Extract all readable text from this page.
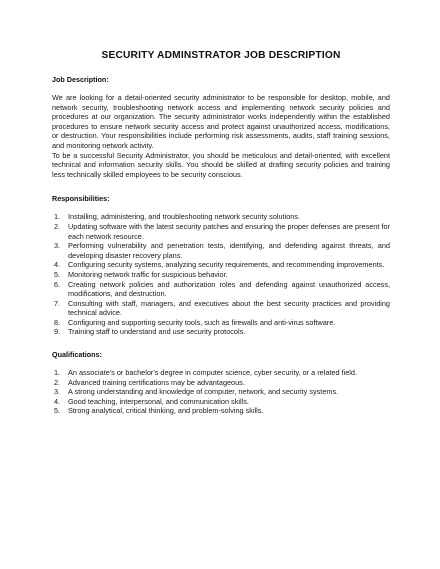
SECURITY ADMINSTRATOR JOB DESCRIPTION
Job Description:

We are looking for a detail-oriented security administrator to be responsible for desktop, mobile, and network security, troubleshooting network access and implementing network security policies and procedures at our organization. The security administrator works independently within the established procedures to ensure network security access and protect against unauthorized access, modifications, or destruction. Your responsibilities include performing risk assessments, audits, staff training sessions, and monitoring network activity.

To be a successful Security Administrator, you should be meticulous and detail-oriented, with excellent technical and information security skills. You should be skilled at drafting security policies and training less technically skilled employees to be security conscious.

Responsibilities:
1.	Installing, administering, and troubleshooting network security solutions.
2.	Updating software with the latest security patches and ensuring the proper defenses are present for each network resource.
3.	Performing vulnerability and penetration tests, identifying, and defending against threats, and developing disaster recovery plans.
4.	Configuring security systems, analyzing security requirements, and recommending improvements.
5.	Monitoring network traffic for suspicious behavior.
6.	Creating network policies and authorization roles and defending against unauthorized access, modifications, and destruction.
7.	Consulting with staff, managers, and executives about the best security practices and providing technical advice.
8.	Configuring and supporting security tools, such as firewalls and anti-virus software.
9.	Training staff to understand and use security protocols.
Qualifications:
1.	An associate's or bachelor's degree in computer science, cyber security, or a related field.
2.	Advanced training certifications may be advantageous.
3.	A strong understanding and knowledge of computer, network, and security systems.
4.	Good teaching, interpersonal, and communication skills.
5.	Strong analytical, critical thinking, and problem-solving skills.
